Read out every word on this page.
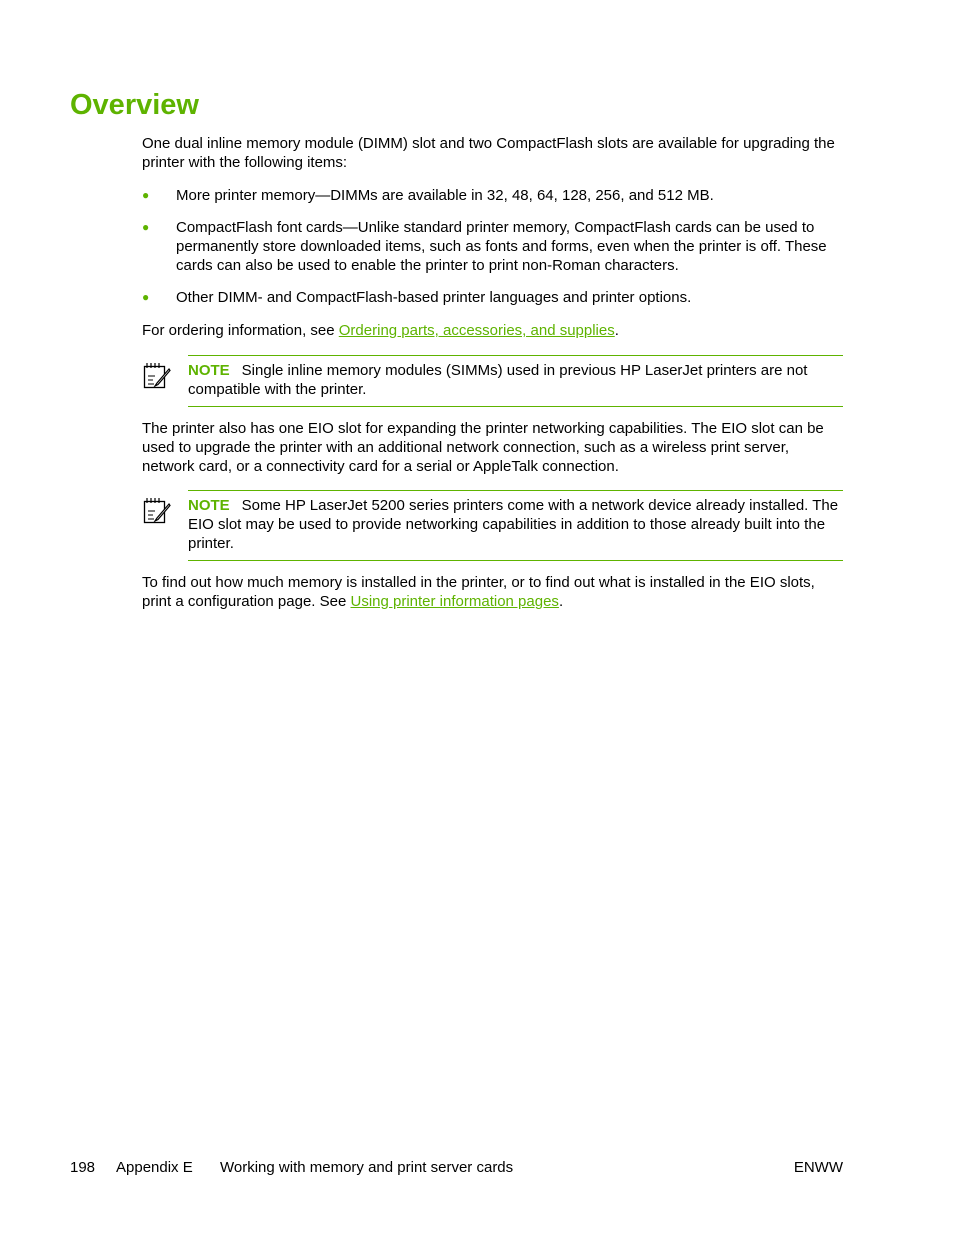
Overview

One dual inline memory module (DIMM) slot and two CompactFlash slots are available for upgrading the printer with the following items:

● More printer memory—DIMMs are available in 32, 48, 64, 128, 256, and 512 MB.
● CompactFlash font cards—Unlike standard printer memory, CompactFlash cards can be used to permanently store downloaded items, such as fonts and forms, even when the printer is off. These cards can also be used to enable the printer to print non-Roman characters.
● Other DIMM- and CompactFlash-based printer languages and printer options.

For ordering information, see Ordering parts, accessories, and supplies.

NOTE Single inline memory modules (SIMMs) used in previous HP LaserJet printers are not compatible with the printer.

The printer also has one EIO slot for expanding the printer networking capabilities. The EIO slot can be used to upgrade the printer with an additional network connection, such as a wireless print server, network card, or a connectivity card for a serial or AppleTalk connection.

NOTE Some HP LaserJet 5200 series printers come with a network device already installed. The EIO slot may be used to provide networking capabilities in addition to those already built into the printer.

To find out how much memory is installed in the printer, or to find out what is installed in the EIO slots, print a configuration page. See Using printer information pages.

198 Appendix E Working with memory and print server cards	ENWW
